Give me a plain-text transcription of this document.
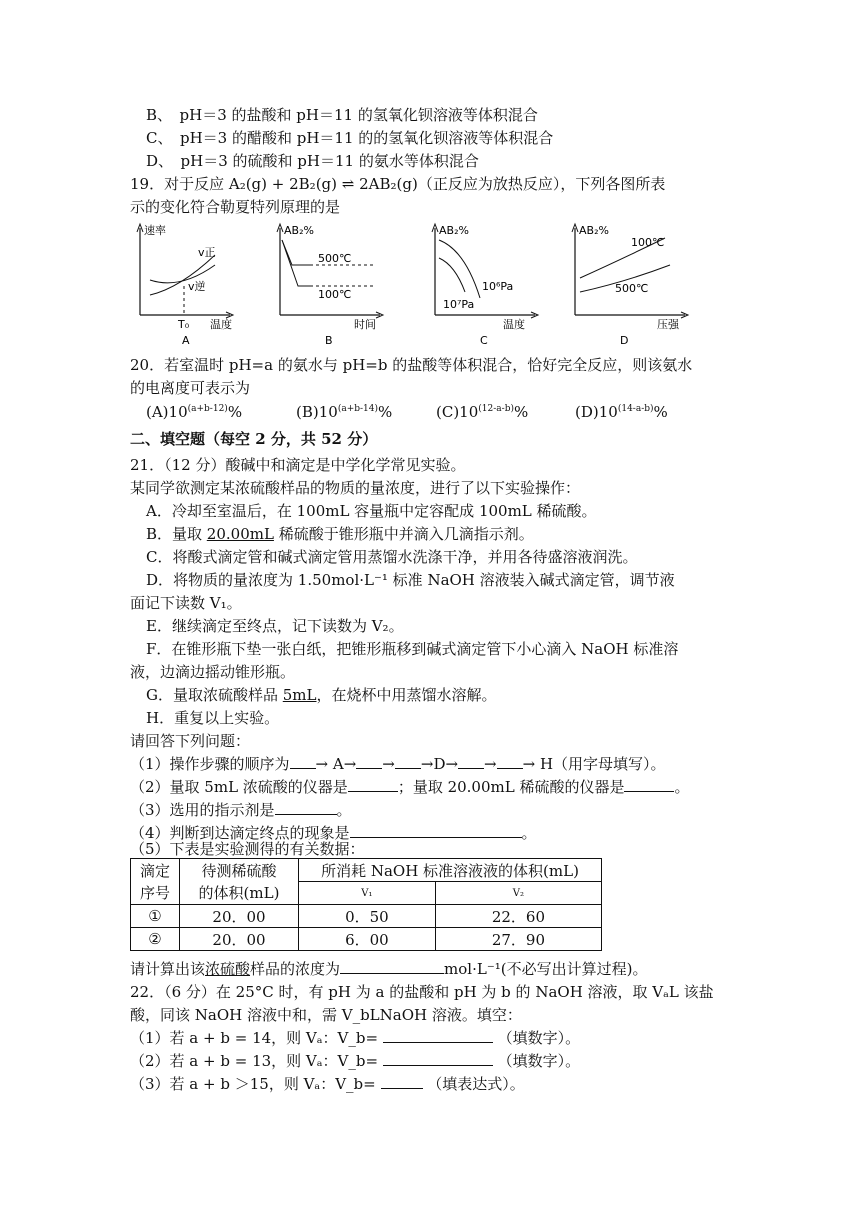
B、　pH＝3 的盐酸和 pH＝11 的氢氧化钡溶液等体积混合
C、　pH＝3 的醋酸和 pH＝11 的的氢氧化钡溶液等体积混合
D、　pH＝3 的硫酸和 pH＝11 的氨水等体积混合
19．对于反应 A₂(g) + 2B₂(g) ⇌ 2AB₂(g)（正反应为放热反应），下列各图所表
示的变化符合勒夏特列原理的是
速率
v正
v逆
T₀ 温度
A
AB₂%
500℃
100℃
时间
B
AB₂%
10⁶Pa
10⁷Pa
温度
C
AB₂%
100℃
500℃
压强
D
20．若室温时 pH=a 的氨水与 pH=b 的盐酸等体积混合，恰好完全反应，则该氨水
的电离度可表示为
$(A)10^{(a+b-12)}\%$	$(B)10^{(a+b-14)}\%$	(C)10$^{(12-a-b)}$%	(D)10$^{(14-a-b)}$%
二、填空题（每空 2 分，共 52 分）
21．（12 分）酸碱中和滴定是中学化学常见实验。
某同学欲测定某浓硫酸样品的物质的量浓度，进行了以下实验操作：
A．冷却至室温后，在 100mL 容量瓶中定容配成 100mL 稀硫酸。
B．量取 20.00mL 稀硫酸于锥形瓶中并滴入几滴指示剂。
C．将酸式滴定管和碱式滴定管用蒸馏水洗涤干净，并用各待盛溶液润洗。
D．将物质的量浓度为 1.50mol·L⁻¹ 标准 NaOH 溶液装入碱式滴定管，调节液
面记下读数 V₁。
E．继续滴定至终点，记下读数为 V₂。
F．在锥形瓶下垫一张白纸，把锥形瓶移到碱式滴定管下小心滴入 NaOH 标准溶
液，边滴边摇动锥形瓶。
G．量取浓硫酸样品 5mL，在烧杯中用蒸馏水溶解。
H．重复以上实验。
请回答下列问题：
（1）操作步骤的顺序为 → A→ → →D→ → → H（用字母填写）。
（2）量取 5mL 浓硫酸的仪器是	；量取 20.00mL 稀硫酸的仪器是	。
（3）选用的指示剂是	。
（4）判断到达滴定终点的现象是	。
（5）下表是实验测得的有关数据：
滴定
序号	待测稀硫酸
的体积(mL)	所消耗 NaOH 标准溶液液的体积(mL)	
		V₁	V₂
①	20．00	0．50	22．60
②	20．00	6．00	27．90
请计算出该浓硫酸样品的浓度为	mol·L⁻¹(不必写出计算过程)。
22．（6 分）在 25°C 时，有 pH 为 a 的盐酸和 pH 为 b 的 NaOH 溶液，取 VₐL 该盐
酸，同该 NaOH 溶液中和，需 V_bLNaOH 溶液。填空：
（1）若 a + b = 14，则 Vₐ：V_b=	（填数字）。
（2）若 a + b = 13，则 Vₐ：V_b=	（填数字）。
（3）若 a + b ＞15，则 Vₐ：V_b=	（填表达式）。
